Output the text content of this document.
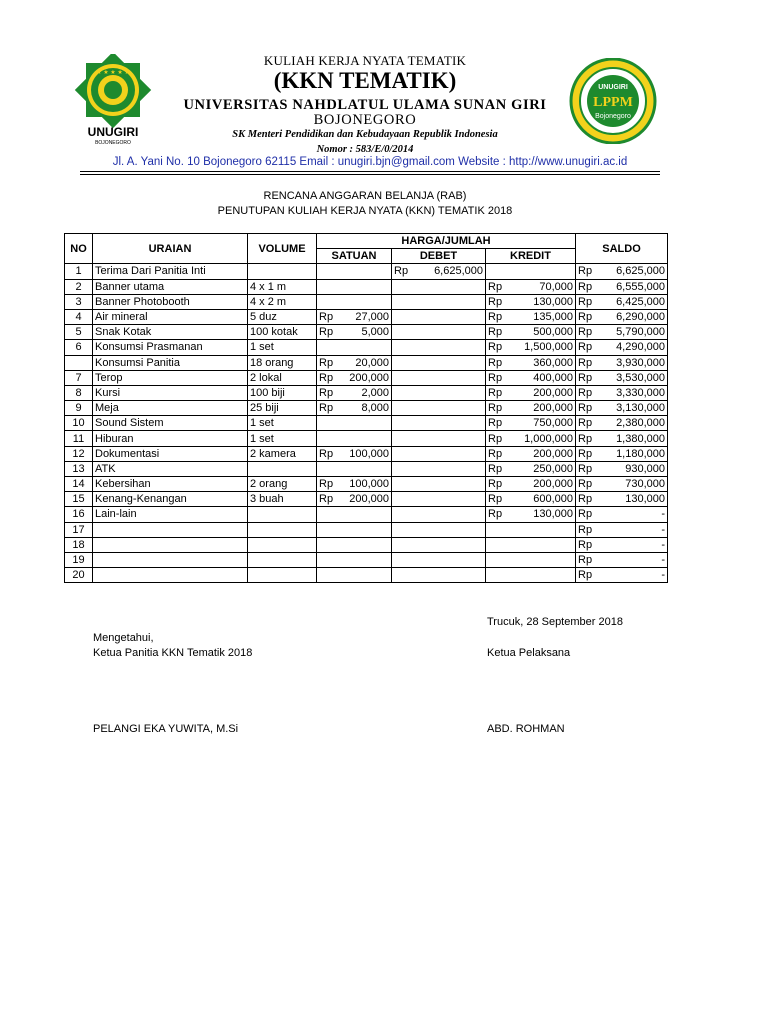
★ ★ ★ ★ ★
UNUGIRI
BOJONEGORO
UNUGIRI
LPPM
Bojonegoro
KULIAH KERJA NYATA TEMATIK
(KKN TEMATIK)
UNIVERSITAS NAHDLATUL ULAMA SUNAN GIRI
BOJONEGORO
SK Menteri Pendidikan dan Kebudayaan Republik Indonesia
Nomor : 583/E/0/2014
Jl. A. Yani No. 10 Bojonegoro 62115 Email : unugiri.bjn@gmail.com Website : http://www.unugiri.ac.id
RENCANA ANGGARAN BELANJA (RAB)
PENUTUPAN KULIAH KERJA NYATA (KKN) TEMATIK 2018
NO	URAIAN	VOLUME	HARGA/JUMLAH			SALDO
			SATUAN	DEBET	KREDIT	
1	Terima Dari Panitia Inti			Rp 6,625,000		Rp 6,625,000

2	Banner utama	4 x 1 m			Rp 70,000	Rp 6,555,000

3	Banner Photobooth	4 x 2 m			Rp 130,000	Rp 6,425,000

4	Air mineral	5 duz	Rp 27,000		Rp 135,000	Rp 6,290,000

5	Snak Kotak	100 kotak	Rp 5,000		Rp 500,000	Rp 5,790,000

6	Konsumsi Prasmanan	1 set			Rp 1,500,000	Rp 4,290,000

	Konsumsi Panitia	18 orang	Rp 20,000		Rp 360,000	Rp 3,930,000

7	Terop	2 lokal	Rp 200,000		Rp 400,000	Rp 3,530,000

8	Kursi	100 biji	Rp 2,000		Rp 200,000	Rp 3,330,000

9	Meja	25 biji	Rp 8,000		Rp 200,000	Rp 3,130,000

10	Sound Sistem	1 set			Rp 750,000	Rp 2,380,000

11	Hiburan	1 set			Rp 1,000,000	Rp 1,380,000

12	Dokumentasi	2 kamera	Rp 100,000		Rp 200,000	Rp 1,180,000

13	ATK				Rp 250,000	Rp 930,000

14	Kebersihan	2 orang	Rp 100,000		Rp 200,000	Rp 730,000

15	Kenang-Kenangan	3 buah	Rp 200,000		Rp 600,000	Rp 130,000

16	Lain-lain				Rp 130,000	Rp -

17						Rp -

18						Rp -

19						Rp -

20						Rp -
Trucuk, 28 September 2018
Mengetahui,
Ketua Panitia KKN Tematik 2018	Ketua Pelaksana
PELANGI EKA YUWITA, M.Si	ABD. ROHMAN
